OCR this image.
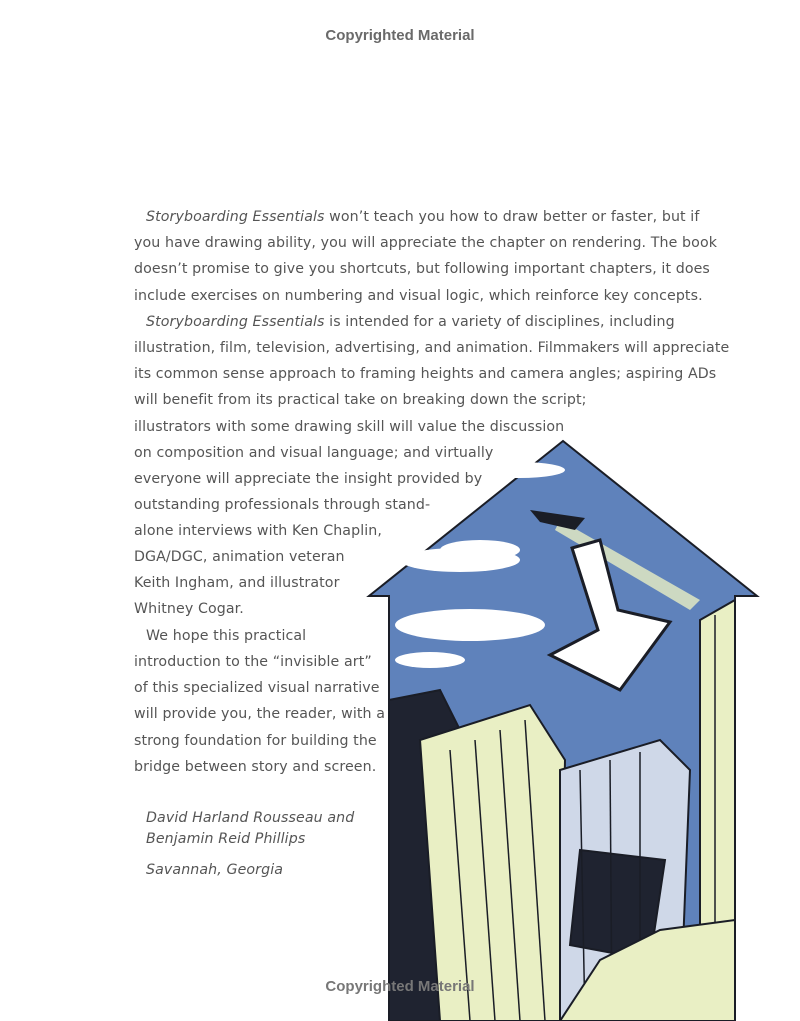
Copyrighted Material
Storyboarding Essentials won’t teach you how to draw better or faster, but if
you have drawing ability, you will appreciate the chapter on rendering. The book
doesn’t promise to give you shortcuts, but following important chapters, it does
include exercises on numbering and visual logic, which reinforce key concepts.
Storyboarding Essentials is intended for a variety of disciplines, including
illustration, film, television, advertising, and animation. Filmmakers will appreciate
its common sense approach to framing heights and camera angles; aspiring ADs
will benefit from its practical take on breaking down the script;
illustrators with some drawing skill will value the discussion
on composition and visual language; and virtually
everyone will appreciate the insight provided by
outstanding professionals through stand-
alone interviews with Ken Chaplin,
DGA/DGC, animation veteran
Keith Ingham, and illustrator
Whitney Cogar.
We hope this practical
introduction to the “invisible art”
of this specialized visual narrative
will provide you, the reader, with a
strong foundation for building the
bridge between story and screen.
David Harland Rousseau and
Benjamin Reid Phillips
Savannah, Georgia
Copyrighted Material
